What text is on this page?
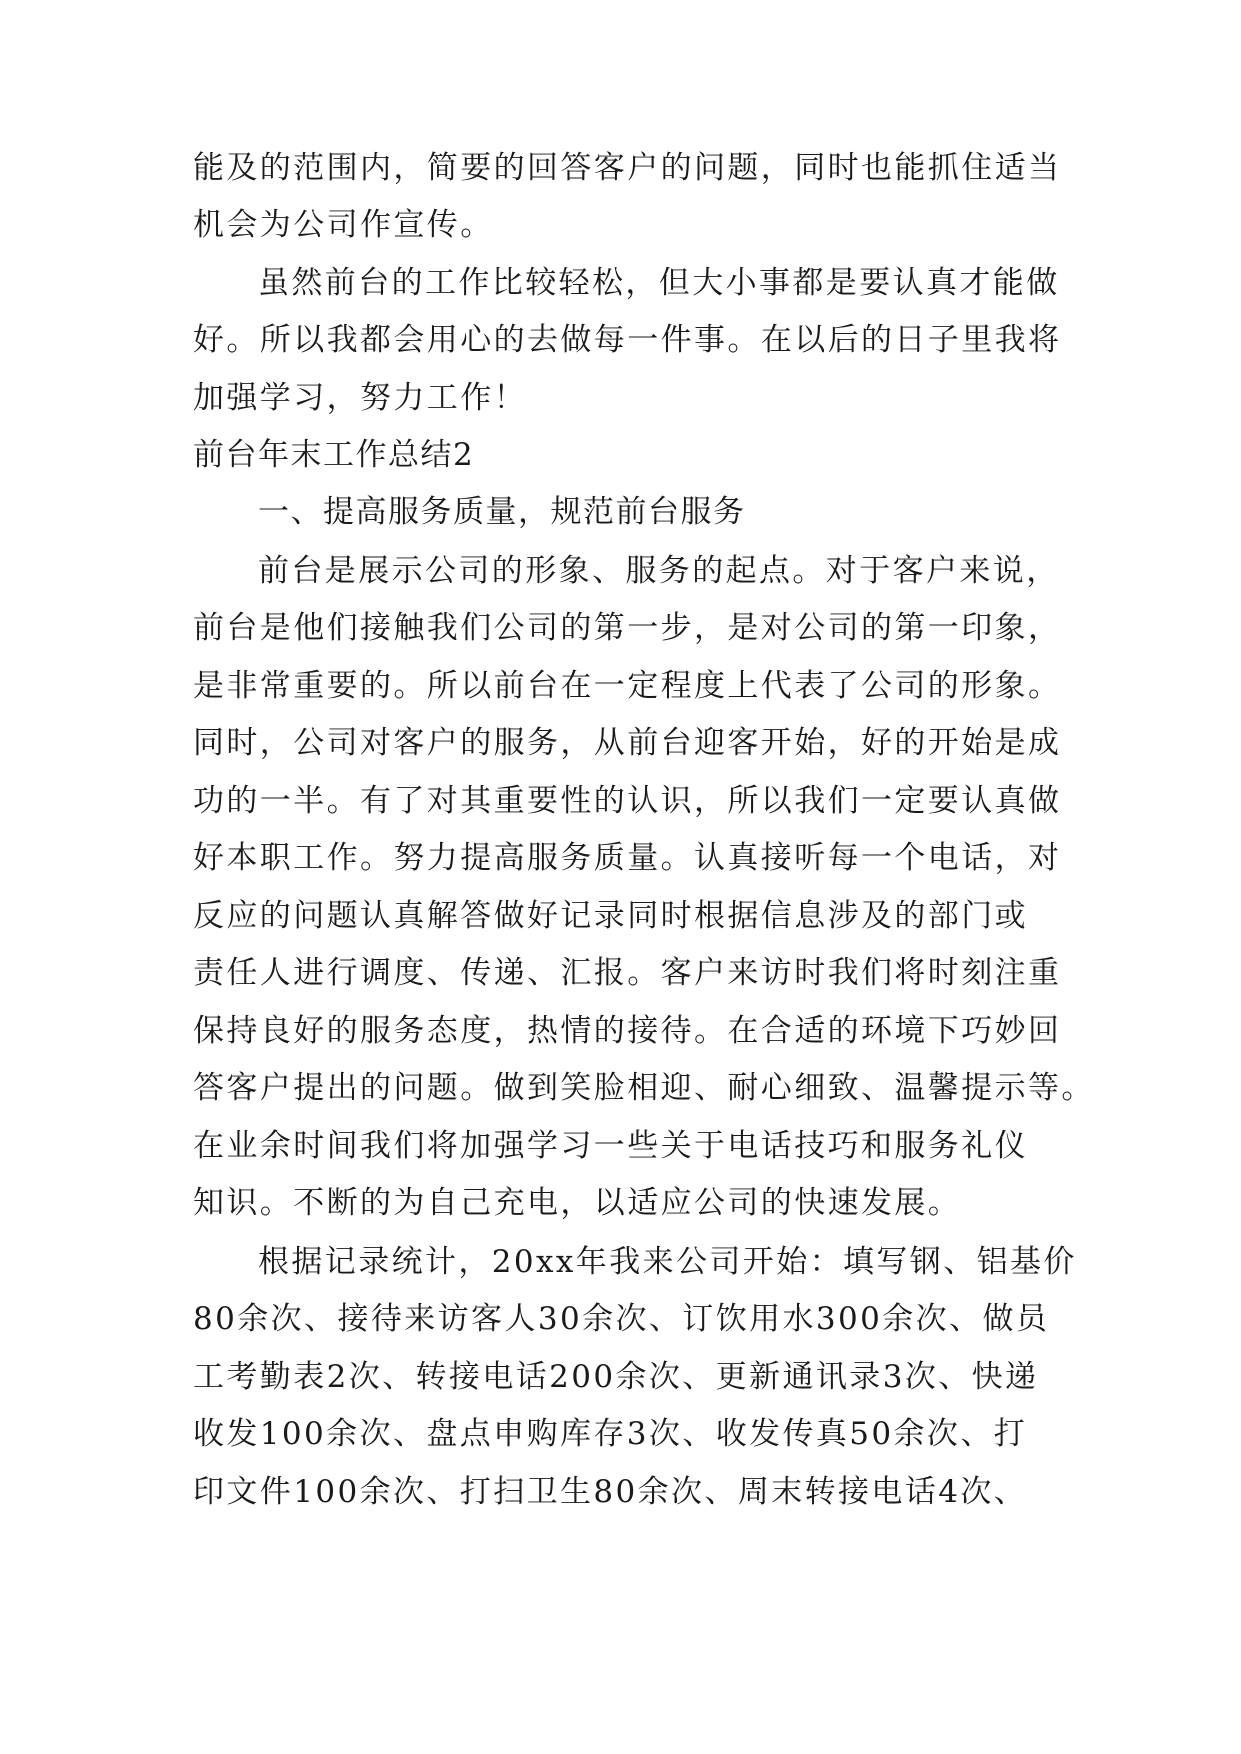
能及的范围内，简要的回答客户的问题，同时也能抓住适当
机会为公司作宣传。
虽然前台的工作比较轻松，但大小事都是要认真才能做
好。所以我都会用心的去做每一件事。在以后的日子里我将
加强学习，努力工作！
前台年末工作总结2
一、提高服务质量，规范前台服务
前台是展示公司的形象、服务的起点。对于客户来说，
前台是他们接触我们公司的第一步，是对公司的第一印象，
是非常重要的。所以前台在一定程度上代表了公司的形象。
同时，公司对客户的服务，从前台迎客开始，好的开始是成
功的一半。有了对其重要性的认识，所以我们一定要认真做
好本职工作。努力提高服务质量。认真接听每一个电话，对
反应的问题认真解答做好记录同时根据信息涉及的部门或
责任人进行调度、传递、汇报。客户来访时我们将时刻注重
保持良好的服务态度，热情的接待。在合适的环境下巧妙回
答客户提出的问题。做到笑脸相迎、耐心细致、温馨提示等。
在业余时间我们将加强学习一些关于电话技巧和服务礼仪
知识。不断的为自己充电，以适应公司的快速发展。
根据记录统计，20xx年我来公司开始：填写钢、铝基价
80余次、接待来访客人30余次、订饮用水300余次、做员
工考勤表2次、转接电话200余次、更新通讯录3次、快递
收发100余次、盘点申购库存3次、收发传真50余次、打
印文件100余次、打扫卫生80余次、周末转接电话4次、
